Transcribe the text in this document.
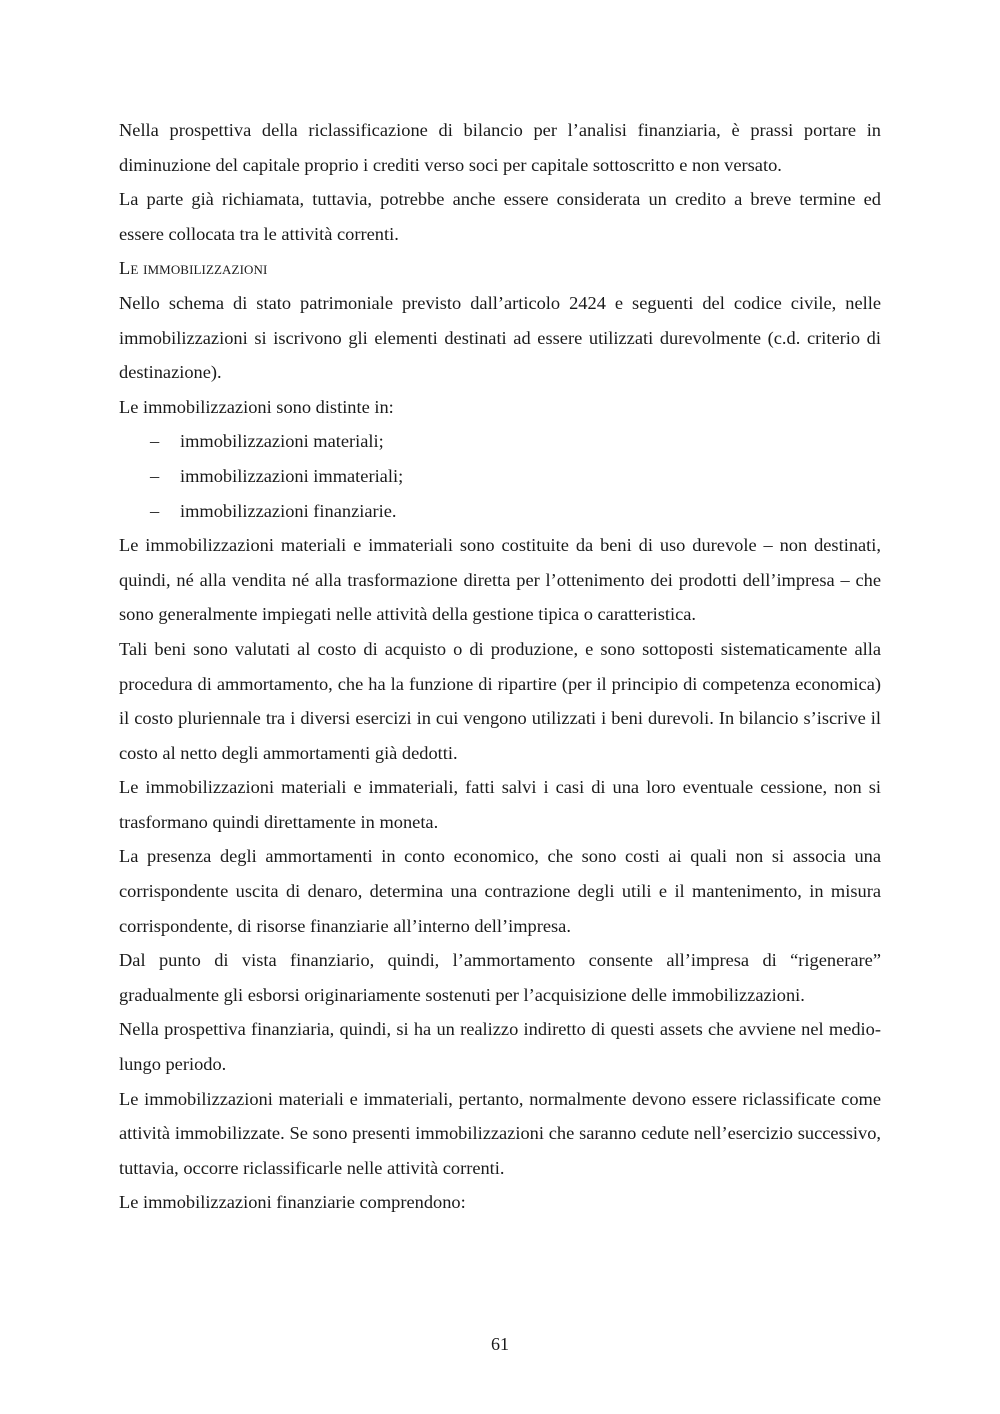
Nella prospettiva della riclassificazione di bilancio per l’analisi finanziaria, è prassi portare in diminuzione del capitale proprio i crediti verso soci per capitale sottoscritto e non versato.

La parte già richiamata, tuttavia, potrebbe anche essere considerata un credito a breve termine ed essere collocata tra le attività correnti.

Le immobilizzazioni

Nello schema di stato patrimoniale previsto dall’articolo 2424 e seguenti del codice civile, nelle immobilizzazioni si iscrivono gli elementi destinati ad essere utilizzati durevolmente (c.d. criterio di destinazione).

Le immobilizzazioni sono distinte in:

– immobilizzazioni materiali;
– immobilizzazioni immateriali;
– immobilizzazioni finanziarie.

Le immobilizzazioni materiali e immateriali sono costituite da beni di uso durevole – non destinati, quindi, né alla vendita né alla trasformazione diretta per l’ottenimento dei prodotti dell’impresa – che sono generalmente impiegati nelle attività della gestione tipica o caratteristica.

Tali beni sono valutati al costo di acquisto o di produzione, e sono sottoposti sistematicamente alla procedura di ammortamento, che ha la funzione di ripartire (per il principio di competenza economica) il costo pluriennale tra i diversi esercizi in cui vengono utilizzati i beni durevoli. In bilancio s’iscrive il costo al netto degli ammortamenti già dedotti.

Le immobilizzazioni materiali e immateriali, fatti salvi i casi di una loro eventuale cessione, non si trasformano quindi direttamente in moneta.

La presenza degli ammortamenti in conto economico, che sono costi ai quali non si associa una corrispondente uscita di denaro, determina una contrazione degli utili e il mantenimento, in misura corrispondente, di risorse finanziarie all’interno dell’impresa.

Dal punto di vista finanziario, quindi, l’ammortamento consente all’impresa di “rigenerare” gradualmente gli esborsi originariamente sostenuti per l’acquisizione delle immobilizzazioni.

Nella prospettiva finanziaria, quindi, si ha un realizzo indiretto di questi assets che avviene nel medio-lungo periodo.

Le immobilizzazioni materiali e immateriali, pertanto, normalmente devono essere riclassificate come attività immobilizzate. Se sono presenti immobilizzazioni che saranno cedute nell’esercizio successivo, tuttavia, occorre riclassificarle nelle attività correnti.

Le immobilizzazioni finanziarie comprendono:

61
